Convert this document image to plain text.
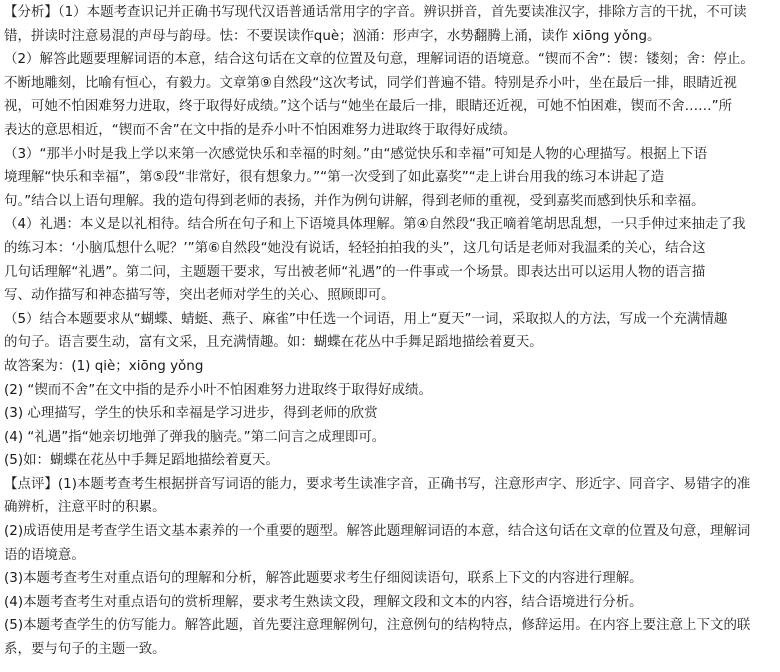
【分析】（1）本题考查识记并正确书写现代汉语普通话常用字的字音。辨识拼音，首先要读准汉字，排除方言的干扰，不可读
错，拼读时注意易混的声母与韵母。怯：不要误读作què；汹涌：形声字，水势翻腾上涌，读作 xiōng yǒng。
（2）解答此题要理解词语的本意，结合这句话在文章的位置及句意，理解词语的语境意。“锲而不舍”：锲：镂刻；舍：停止。
不断地雕刻，比喻有恒心，有毅力。文章第⑨自然段“这次考试，同学们普遍不错。特别是乔小叶，坐在最后一排，眼睛近视
视，可她不怕困难努力进取，终于取得好成绩。”这个话与“她坐在最后一排，眼睛还近视，可她不怕困难，锲而不舍……”所
表达的意思相近，“锲而不舍”在文中指的是乔小叶不怕困难努力进取终于取得好成绩。
（3）“那半小时是我上学以来第一次感觉快乐和幸福的时刻。”由“感觉快乐和幸福”可知是人物的心理描写。根据上下语
境理解“快乐和幸福”，第⑤段“非常好，很有想象力。”“第一次受到了如此嘉奖”“走上讲台用我的练习本讲起了造
句。”结合以上语句理解。我的造句得到老师的表扬，并作为例句讲解，得到老师的重视，受到嘉奖而感到快乐和幸福。
（4）礼遇：本义是以礼相待。结合所在句子和上下语境具体理解。第④自然段“我正嘀着笔胡思乱想，一只手伸过来抽走了我
的练习本：‘小脑瓜想什么呢？’”第⑥自然段“她没有说话，轻轻拍拍我的头”，这几句话是老师对我温柔的关心，结合这
几句话理解“礼遇”。第二问，主题题干要求，写出被老师“礼遇”的一件事或一个场景。即表达出可以运用人物的语言描
写、动作描写和神态描写等，突出老师对学生的关心、照顾即可。
（5）结合本题要求从“蝴蝶、蜻蜓、燕子、麻雀”中任选一个词语，用上“夏天”一词，采取拟人的方法，写成一个充满情趣
的句子。语言要生动，富有文采，且充满情趣。如：蝴蝶在花丛中手舞足蹈地描绘着夏天。
故答案为：(1) qiè；xiōng yǒng
(2) “锲而不舍”在文中指的是乔小叶不怕困难努力进取终于取得好成绩。
(3) 心理描写，学生的快乐和幸福是学习进步，得到老师的欣赏
(4) “礼遇”指“她亲切地弹了弹我的脑壳。”第二问言之成理即可。
(5)如：蝴蝶在花丛中手舞足蹈地描绘着夏天。
【点评】(1)本题考查考生根据拼音写词语的能力，要求考生读准字音，正确书写，注意形声字、形近字、同音字、易错字的准
确辨析，注意平时的积累。
(2)成语使用是考查学生语文基本素养的一个重要的题型。解答此题理解词语的本意，结合这句话在文章的位置及句意，理解词
语的语境意。
(3)本题考查考生对重点语句的理解和分析，解答此题要求考生仔细阅读语句，联系上下文的内容进行理解。
(4)本题考查考生对重点语句的赏析理解，要求考生熟读文段，理解文段和文本的内容，结合语境进行分析。
(5)本题考查学生的仿写能力。解答此题，首先要注意理解例句，注意例句的结构特点，修辞运用。在内容上要注意上下文的联
系，要与句子的主题一致。
